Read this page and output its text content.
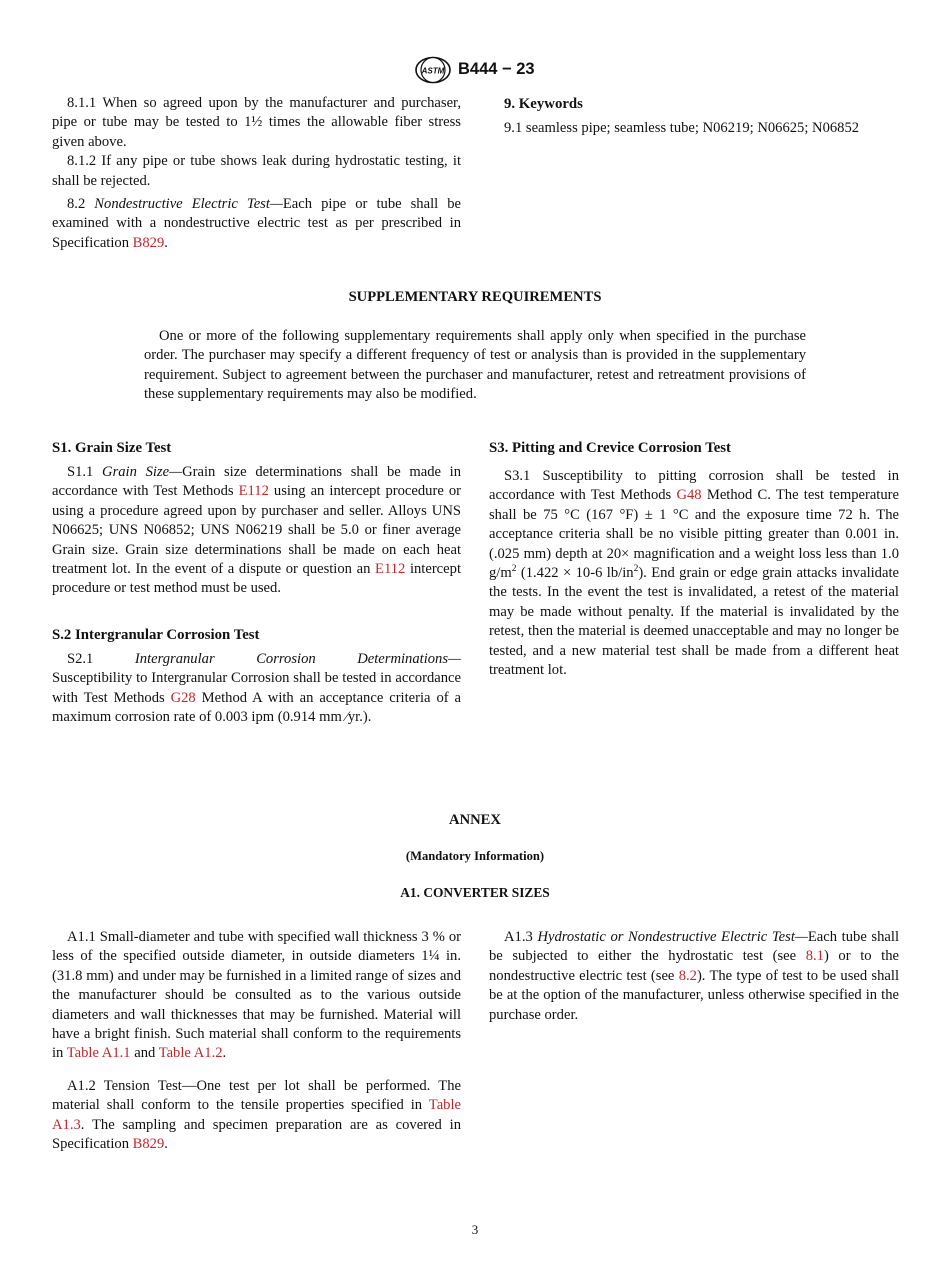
ASTM B444 − 23

8.1.1 When so agreed upon by the manufacturer and purchaser, pipe or tube may be tested to 1½ times the allowable fiber stress given above.

8.1.2 If any pipe or tube shows leak during hydrostatic testing, it shall be rejected.

8.2 Nondestructive Electric Test—Each pipe or tube shall be examined with a nondestructive electric test as per prescribed in Specification B829.

9. Keywords

9.1 seamless pipe; seamless tube; N06219; N06625; N06852

SUPPLEMENTARY REQUIREMENTS

One or more of the following supplementary requirements shall apply only when specified in the purchase order. The purchaser may specify a different frequency of test or analysis than is provided in the supplementary requirement. Subject to agreement between the purchaser and manufacturer, retest and retreatment provisions of these supplementary requirements may also be modified.

S1. Grain Size Test

S1.1 Grain Size—Grain size determinations shall be made in accordance with Test Methods E112 using an intercept procedure or using a procedure agreed upon by purchaser and seller. Alloys UNS N06625; UNS N06852; UNS N06219 shall be 5.0 or finer average Grain size. Grain size determinations shall be made on each heat treatment lot. In the event of a dispute or question an E112 intercept procedure or test method must be used.

S.2 Intergranular Corrosion Test

S2.1	Intergranular	Corrosion	Determinations—

Susceptibility to Intergranular Corrosion shall be tested in accordance with Test Methods G28 Method A with an acceptance criteria of a maximum corrosion rate of 0.003 ipm (0.914 mm ⁄yr.).

S3. Pitting and Crevice Corrosion Test

S3.1 Susceptibility to pitting corrosion shall be tested in accordance with Test Methods G48 Method C. The test temperature shall be 75 °C (167 °F) ± 1 °C and the exposure time 72 h. The acceptance criteria shall be no visible pitting greater than 0.001 in. (.025 mm) depth at 20× magnification and a weight loss less than 1.0 $g/m^2$ (1.422 × 10-6 $lb/in^2$). End grain or edge grain attacks invalidate the tests. In the event the test is invalidated, a retest of the material may be made without penalty. If the material is invalidated by the retest, then the material is deemed unacceptable and may no longer be tested, and a new material test shall be made from a different heat treatment lot.

ANNEX
(Mandatory Information)
A1. CONVERTER SIZES

A1.1 Small-diameter and tube with specified wall thickness 3 % or less of the specified outside diameter, in outside diameters 1¼ in. (31.8 mm) and under may be furnished in a limited range of sizes and the manufacturer should be consulted as to the various outside diameters and wall thicknesses that may be furnished. Material will have a bright finish. Such material shall conform to the requirements in Table A1.1 and Table A1.2.

A1.2 Tension Test—One test per lot shall be performed. The material shall conform to the tensile properties specified in Table A1.3. The sampling and specimen preparation are as covered in Specification B829.

A1.3 Hydrostatic or Nondestructive Electric Test—Each tube shall be subjected to either the hydrostatic test (see 8.1) or to the nondestructive electric test (see 8.2). The type of test to be used shall be at the option of the manufacturer, unless otherwise specified in the purchase order.

3
